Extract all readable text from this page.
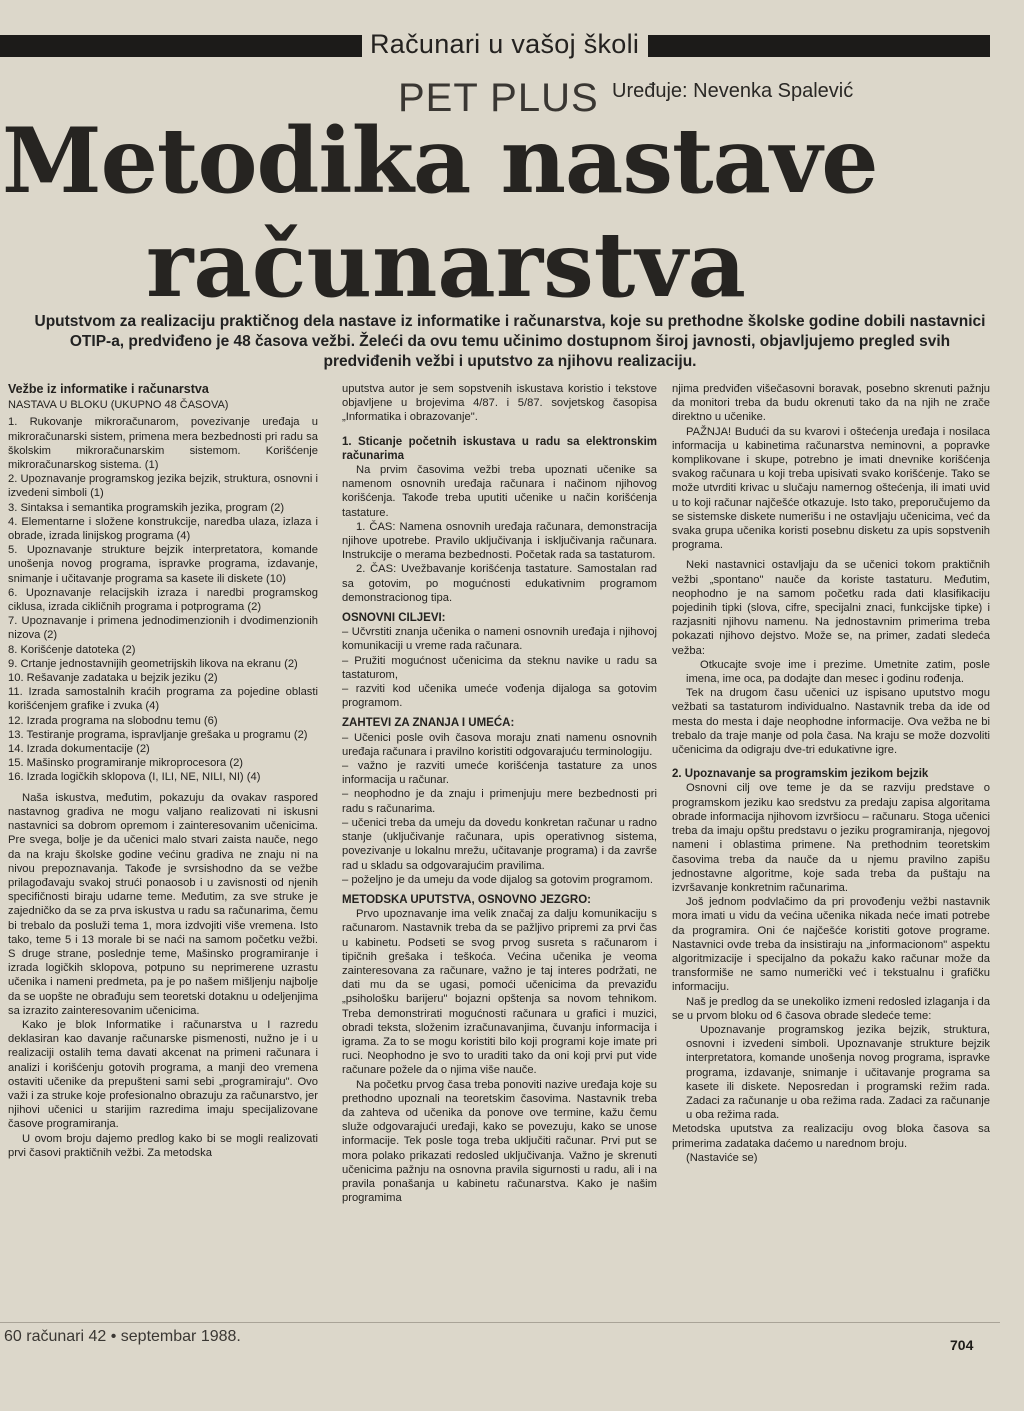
Računari u vašoj školi
PET PLUS Uređuje: Nevenka Spalević
Metodika nastave
računarstva
Uputstvom za realizaciju praktičnog dela nastave iz informatike i računarstva, koje su prethodne školske godine dobili nastavnici OTIP-a, predviđeno je 48 časova vežbi. Želeći da ovu temu učinimo dostupnom široj javnosti, objavljujemo pregled svih predviđenih vežbi i uputstvo za njihovu realizaciju.

Vežbe iz informatike i računarstva

NASTAVA U BLOKU (UKUPNO 48 ČASOVA)

1. Rukovanje mikroračunarom, povezivanje uređaja u mikroračunarski sistem, primena mera bezbednosti pri radu sa školskim mikroračunarskim sistemom. Korišćenje mikroračunarskog sistema. (1)

2. Upoznavanje programskog jezika bejzik, struktura, osnovni i izvedeni simboli (1)

3. Sintaksa i semantika programskih jezika, program (2)

4. Elementarne i složene konstrukcije, naredba ulaza, izlaza i obrade, izrada linijskog programa (4)

5. Upoznavanje strukture bejzik interpretatora, komande unošenja novog programa, ispravke programa, izdavanje, snimanje i učitavanje programa sa kasete ili diskete (10)

6. Upoznavanje relacijskih izraza i naredbi programskog ciklusa, izrada cikličnih programa i potprograma (2)

7. Upoznavanje i primena jednodimenzionih i dvodimenzionih nizova (2)

8. Korišćenje datoteka (2)

9. Crtanje jednostavnijih geometrijskih likova na ekranu (2)

10. Rešavanje zadataka u bejzik jeziku (2)

11. Izrada samostalnih kraćih programa za pojedine oblasti korišćenjem grafike i zvuka (4)

12. Izrada programa na slobodnu temu (6)

13. Testiranje programa, ispravljanje grešaka u programu (2)

14. Izrada dokumentacije (2)

15. Mašinsko programiranje mikroprocesora (2)

16. Izrada logičkih sklopova (I, ILI, NE, NILI, NI) (4)

Naša iskustva, međutim, pokazuju da ovakav raspored nastavnog gradiva ne mogu valjano realizovati ni iskusni nastavnici sa dobrom opremom i zainteresovanim učenicima. Pre svega, bolje je da učenici malo stvari zaista nauče, nego da na kraju školske godine većinu gradiva ne znaju ni na nivou prepoznavanja. Takođe je svrsishodno da se vežbe prilagođavaju svakoj strući ponaosob i u zavisnosti od njenih specifičnosti biraju udarne teme. Međutim, za sve struke je zajedničko da se za prva iskustva u radu sa računarima, čemu bi trebalo da posluži tema 1, mora izdvojiti više vremena. Isto tako, teme 5 i 13 morale bi se naći na samom početku vežbi. S druge strane, poslednje teme, Mašinsko programiranje i izrada logičkih sklopova, potpuno su neprimerene uzrastu učenika i nameni predmeta, pa je po našem mišljenju najbolje da se uopšte ne obrađuju sem teoretski dotaknu u odeljenjima sa izrazito zainteresovanim učenicima.

Kako je blok Informatike i računarstva u I razredu deklasiran kao davanje računarske pismenosti, nužno je i u realizaciji ostalih tema davati akcenat na primeni računara i analizi i korišćenju gotovih programa, a manji deo vremena ostaviti učenike da prepušteni sami sebi „programiraju". Ovo važi i za struke koje profesionalno obrazuju za računarstvo, jer njihovi učenici u starijim razredima imaju specijalizovane časove programiranja.

U ovom broju dajemo predlog kako bi se mogli realizovati prvi časovi praktičnih vežbi. Za metodska

uputstva autor je sem sopstvenih iskustava koristio i tekstove objavljene u brojevima 4/87. i 5/87. sovjetskog časopisa „Informatika i obrazovanje".

1. Sticanje početnih iskustava u radu sa elektronskim računarima

Na prvim časovima vežbi treba upoznati učenike sa namenom osnovnih uređaja računara i načinom njihovog korišćenja. Takođe treba uputiti učenike u način korišćenja tastature.

1. ČAS: Namena osnovnih uređaja računara, demonstracija njihove upotrebe. Pravilo uključivanja i isključivanja računara. Instrukcije o merama bezbednosti. Početak rada sa tastaturom.

2. ČAS: Uvežbavanje korišćenja tastature. Samostalan rad sa gotovim, po mogućnosti edukativnim programom demonstracionog tipa.

OSNOVNI CILJEVI:

– Učvrstiti znanja učenika o nameni osnovnih uređaja i njihovoj komunikaciji u vreme rada računara.

– Pružiti mogućnost učenicima da steknu navike u radu sa tastaturom,

– razviti kod učenika umeće vođenja dijaloga sa gotovim programom.

ZAHTEVI ZA ZNANJA I UMEĆA:

– Učenici posle ovih časova moraju znati namenu osnovnih uređaja računara i pravilno koristiti odgovarajuću terminologiju.

– važno je razviti umeće korišćenja tastature za unos informacija u računar.

– neophodno je da znaju i primenjuju mere bezbednosti pri radu s računarima.

– učenici treba da umeju da dovedu konkretan računar u radno stanje (uključivanje računara, upis operativnog sistema, povezivanje u lokalnu mrežu, učitavanje programa) i da završe rad u skladu sa odgovarajućim pravilima.

– poželjno je da umeju da vode dijalog sa gotovim programom.

METODSKA UPUTSTVA, OSNOVNO JEZGRO:

Prvo upoznavanje ima velik značaj za dalju komunikaciju s računarom. Nastavnik treba da se pažljivo pripremi za prvi čas u kabinetu. Podseti se svog prvog susreta s računarom i tipičnih grešaka i teškoća. Većina učenika je veoma zainteresovana za računare, važno je taj interes podržati, ne dati mu da se ugasi, pomoći učenicima da prevaziđu „psihološku barijeru" bojazni opštenja sa novom tehnikom. Treba demonstrirati mogućnosti računara u grafici i muzici, obradi teksta, složenim izračunavanjima, čuvanju informacija i igrama. Za to se mogu koristiti bilo koji programi koje imate pri ruci. Neophodno je svo to uraditi tako da oni koji prvi put vide računare požele da o njima više nauče.

Na početku prvog časa treba ponoviti nazive uređaja koje su prethodno upoznali na teoretskim časovima. Nastavnik treba da zahteva od učenika da ponove ove termine, kažu čemu služe odgovarajući uređaji, kako se povezuju, kako se unose informacije. Tek posle toga treba uključiti računar. Prvi put se mora polako prikazati redosled uključivanja. Važno je skrenuti učenicima pažnju na osnovna pravila sigurnosti u radu, ali i na pravila ponašanja u kabinetu računarstva. Kako je našim programima

njima predviđen višečasovni boravak, posebno skrenuti pažnju da monitori treba da budu okrenuti tako da na njih ne zrače direktno u učenike.

PAŽNJA! Budući da su kvarovi i oštećenja uređaja i nosilaca informacija u kabinetima računarstva neminovni, a popravke komplikovane i skupe, potrebno je imati dnevnike korišćenja svakog računara u koji treba upisivati svako korišćenje. Tako se može utvrditi krivac u slučaju namernog oštećenja, ili imati uvid u to koji računar najčešće otkazuje. Isto tako, preporučujemo da se sistemske diskete numerišu i ne ostavljaju učenicima, već da svaka grupa učenika koristi posebnu disketu za upis sopstvenih programa.

Neki nastavnici ostavljaju da se učenici tokom praktičnih vežbi „spontano" nauče da koriste tastaturu. Međutim, neophodno je na samom početku rada dati klasifikaciju pojedinih tipki (slova, cifre, specijalni znaci, funkcijske tipke) i razjasniti njihovu namenu. Na jednostavnim primerima treba pokazati njihovo dejstvo. Može se, na primer, zadati sledeća vežba:

Otkucajte svoje ime i prezime. Umetnite zatim, posle imena, ime oca, pa dodajte dan mesec i godinu rođenja.

Tek na drugom času učenici uz ispisano uputstvo mogu vežbati sa tastaturom individualno. Nastavnik treba da ide od mesta do mesta i daje neophodne informacije. Ova vežba ne bi trebalo da traje manje od pola časa. Na kraju se može dozvoliti učenicima da odigraju dve-tri edukativne igre.

2. Upoznavanje sa programskim jezikom bejzik

Osnovni cilj ove teme je da se razviju predstave o programskom jeziku kao sredstvu za predaju zapisa algoritama obrade informacija njihovom izvršiocu – računaru. Stoga učenici treba da imaju opštu predstavu o jeziku programiranja, njegovoj nameni i oblastima primene. Na prethodnim teoretskim časovima treba da nauče da u njemu pravilno zapišu jednostavne algoritme, koje sada treba da puštaju na izvršavanje konkretnim računarima.

Još jednom podvlačimo da pri provođenju vežbi nastavnik mora imati u vidu da većina učenika nikada neće imati potrebe da programira. Oni će najčešće koristiti gotove programe. Nastavnici ovde treba da insistiraju na „informacionom" aspektu algoritmizacije i specijalno da pokažu kako računar može da transformiše ne samo numerički već i tekstualnu i grafičku informaciju.

Naš je predlog da se unekoliko izmeni redosled izlaganja i da se u prvom bloku od 6 časova obrade sledeće teme:

Upoznavanje programskog jezika bejzik, struktura, osnovni i izvedeni simboli. Upoznavanje strukture bejzik interpretatora, komande unošenja novog programa, ispravke programa, izdavanje, snimanje i učitavanje programa sa kasete ili diskete. Neposredan i programski režim rada. Zadaci za računanje u oba režima rada. Zadaci za računanje u oba režima rada.

Metodska uputstva za realizaciju ovog bloka časova sa primerima zadataka daćemo u narednom broju.

(Nastaviće se)

60 računari 42 • septembar 1988.	704
